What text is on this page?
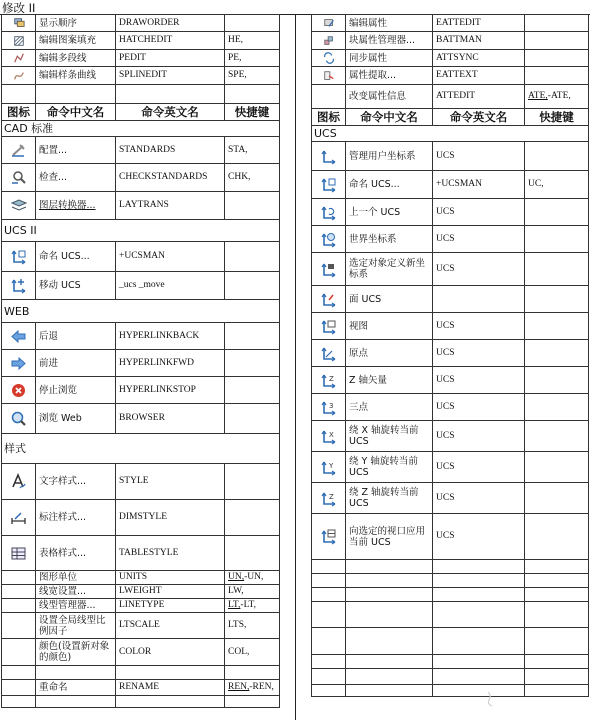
修改 II
	显示顺序	DRAWORDER	
	编辑图案填充	HATCHEDIT	HE,
	编辑多段线	PEDIT	PE,
	编辑样条曲线	SPLINEDIT	SPE,

图标	命令中文名	命令英文名	快捷键
CAD 标准			
	配置...	STANDARDS	STA,
	检查...	CHECKSTANDARDS	CHK,
	图层转换器...	LAYTRANS	
UCS II			
	命名 UCS...	+UCSMAN	
	移动 UCS	_ucs _move	
WEB			
	后退	HYPERLINKBACK	
	前进	HYPERLINKFWD	
	停止浏览	HYPERLINKSTOP	
	浏览 Web	BROWSER	
样式			
	文字样式...	STYLE	
	标注样式...	DIMSTYLE	
	表格样式...	TABLESTYLE	
	图形单位	UNITS	UN,-UN,
	线宽设置...	LWEIGHT	LW,
	线型管理器...	LINETYPE	LT,-LT,
	设置全局线型比例因子	LTSCALE	LTS,
	颜色(设置新对象的颜色)	COLOR	COL,

	重命名	RENAME	REN,-REN,

	编辑属性	EATTEDIT	
	块属性管理器...	BATTMAN	
	同步属性	ATTSYNC	
	属性提取...	EATTEXT	
	改变属性信息	ATTEDIT	ATE,-ATE,
图标	命令中文名	命令英文名	快捷键
UCS			
	管理用户坐标系	UCS	
	命名 UCS...	+UCSMAN	UC,
	上一个 UCS	UCS	
	世界坐标系	UCS	
	选定对象定义新坐标系	UCS	
	面 UCS		
	视图	UCS	
	原点	UCS	

Z	Z 轴矢量	UCS	

3	三点	UCS	

X	绕 X 轴旋转当前 UCS	UCS	

Y	绕 Y 轴旋转当前 UCS	UCS	

Z	绕 Z 轴旋转当前 UCS	UCS	
	向选定的视口应用当前 UCS	UCS	
